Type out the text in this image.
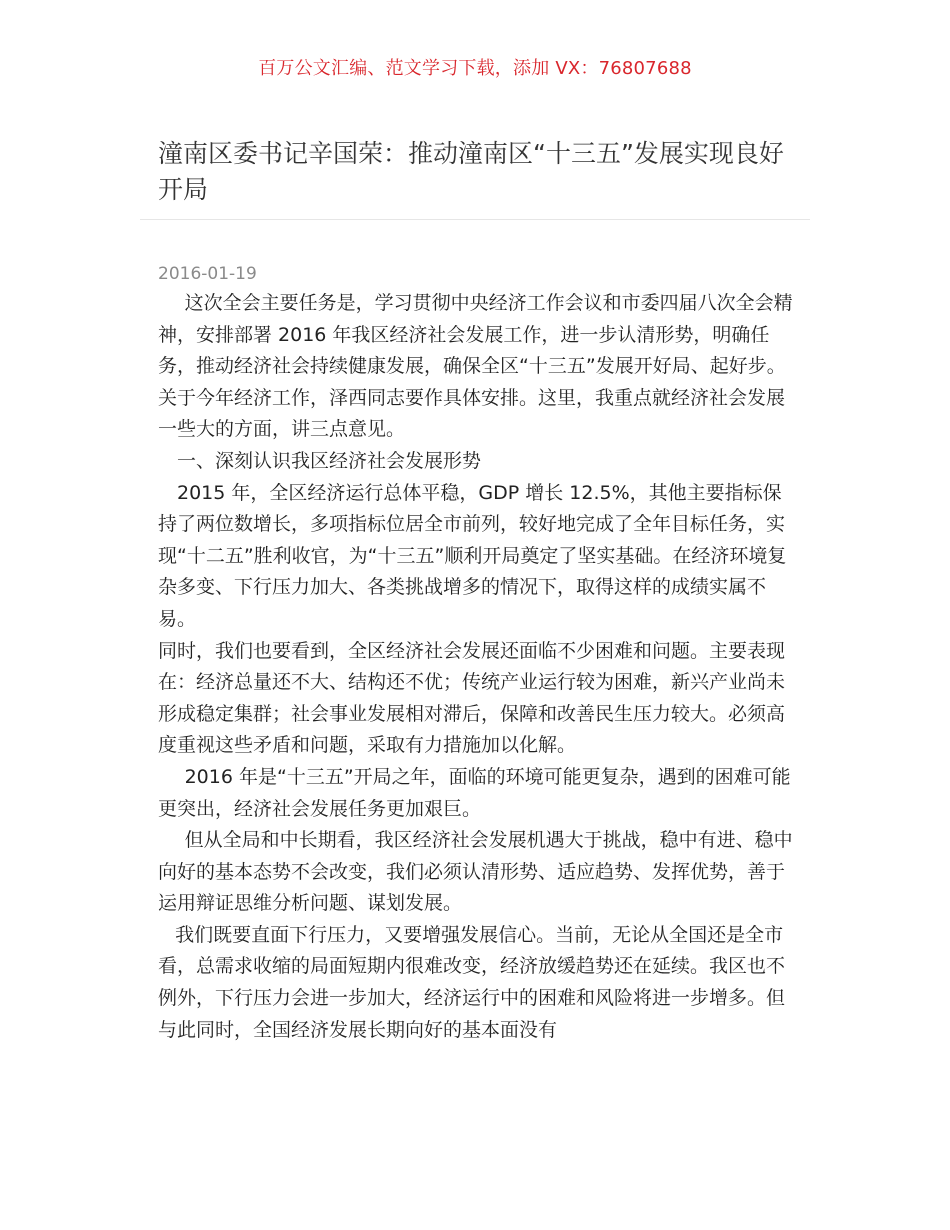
百万公文汇编、范文学习下载，添加 VX：76807688
潼南区委书记辛国荣：推动潼南区“十三五”发展实现良好开局
2016-01-19

这次全会主要任务是，学习贯彻中央经济工作会议和市委四届八次全会精神，安排部署 2016 年我区经济社会发展工作，进一步认清形势，明确任务，推动经济社会持续健康发展，确保全区“十三五”发展开好局、起好步。

关于今年经济工作，泽西同志要作具体安排。这里，我重点就经济社会发展一些大的方面，讲三点意见。

一、深刻认识我区经济社会发展形势

2015 年，全区经济运行总体平稳，GDP 增长 12.5%，其他主要指标保持了两位数增长，多项指标位居全市前列，较好地完成了全年目标任务，实现“十二五”胜利收官，为“十三五”顺利开局奠定了坚实基础。在经济环境复杂多变、下行压力加大、各类挑战增多的情况下，取得这样的成绩实属不易。

同时，我们也要看到，全区经济社会发展还面临不少困难和问题。主要表现在：经济总量还不大、结构还不优；传统产业运行较为困难，新兴产业尚未形成稳定集群；社会事业发展相对滞后，保障和改善民生压力较大。必须高度重视这些矛盾和问题，采取有力措施加以化解。

2016 年是“十三五”开局之年，面临的环境可能更复杂，遇到的困难可能更突出，经济社会发展任务更加艰巨。

但从全局和中长期看，我区经济社会发展机遇大于挑战，稳中有进、稳中向好的基本态势不会改变，我们必须认清形势、适应趋势、发挥优势，善于运用辩证思维分析问题、谋划发展。

我们既要直面下行压力，又要增强发展信心。当前，无论从全国还是全市看，总需求收缩的局面短期内很难改变，经济放缓趋势还在延续。我区也不例外，下行压力会进一步加大，经济运行中的困难和风险将进一步增多。但与此同时，全国经济发展长期向好的基本面没有
